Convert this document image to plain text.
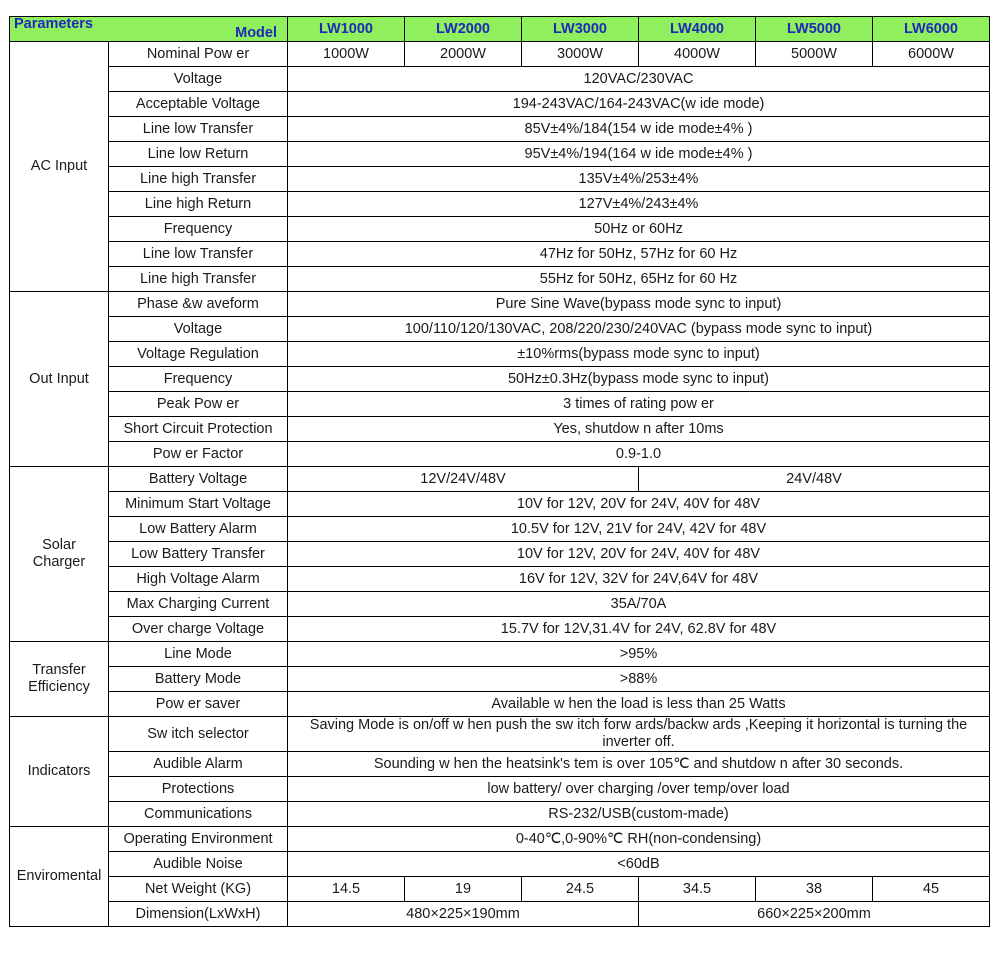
Model
Parameters		LW1000	LW2000	LW3000	LW4000	LW5000	LW6000
AC Input	Nominal Pow er	1000W	2000W	3000W	4000W	5000W	6000W
	Voltage	120VAC/230VAC					
	Acceptable Voltage	194-243VAC/164-243VAC(w ide mode)					
	Line low Transfer	85V±4%/184(154 w ide mode±4% )					
	Line low Return	95V±4%/194(164 w ide mode±4% )					
	Line high Transfer	135V±4%/253±4%					
	Line high Return	127V±4%/243±4%					
	Frequency	50Hz or 60Hz					
	Line low Transfer	47Hz for 50Hz, 57Hz for 60 Hz					
	Line high Transfer	55Hz for 50Hz, 65Hz for 60 Hz					
Out Input	Phase &w aveform	Pure Sine Wave(bypass mode sync to input)					
	Voltage	100/110/120/130VAC, 208/220/230/240VAC (bypass mode sync to input)					
	Voltage Regulation	±10%rms(bypass mode sync to input)					
	Frequency	50Hz±0.3Hz(bypass mode sync to input)					
	Peak Pow er	3 times of rating pow er					
	Short Circuit Protection	Yes, shutdow n after 10ms					
	Pow er Factor	0.9-1.0					
Solar Charger	Battery Voltage	12V/24V/48V			24V/48V		
	Minimum Start Voltage	10V for 12V, 20V for 24V, 40V for 48V					
	Low Battery Alarm	10.5V for 12V, 21V for 24V, 42V for 48V					
	Low Battery Transfer	10V for 12V, 20V for 24V, 40V for 48V					
	High Voltage Alarm	16V for 12V, 32V for 24V,64V for 48V					
	Max Charging Current	35A/70A					
	Over charge Voltage	15.7V for 12V,31.4V for 24V, 62.8V for 48V					
Transfer
Efficiency	Line Mode	>95%					
	Battery Mode	>88%					
	Pow er saver	Available w hen the load is less than 25 Watts					
Indicators	Sw itch selector	Saving Mode is on/off w hen push the sw itch forw ards/backw ards ,Keeping it horizontal is turning the inverter off.					
	Audible Alarm	Sounding w hen the heatsink's tem is over 105℃ and shutdow n after 30 seconds.					
	Protections	low battery/ over charging /over temp/over load					
	Communications	RS-232/USB(custom-made)					
Enviromental	Operating Environment	0-40℃,0-90%℃ RH(non-condensing)					
	Audible Noise	<60dB					
	Net Weight (KG)	14.5	19	24.5	34.5	38	45
	Dimension(LxWxH)	480×225×190mm			660×225×200mm		
